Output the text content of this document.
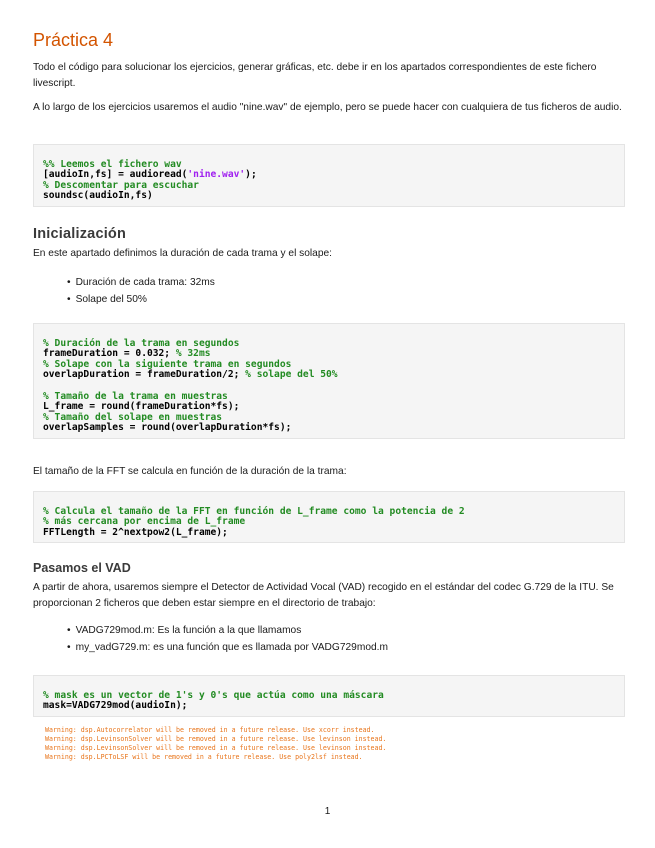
Práctica 4

Todo el código para solucionar los ejercicios, generar gráficas, etc. debe ir en los apartados correspondientes de este fichero livescript.

A lo largo de los ejercicios usaremos el audio "nine.wav" de ejemplo, pero se puede hacer con cualquiera de tus ficheros de audio.

%% Leemos el fichero wav
[audioIn,fs] = audioread('nine.wav');
% Descomentar para escuchar
soundsc(audioIn,fs)
Inicialización

En este apartado definimos la duración de cada trama y el solape:

• Duración de cada trama: 32ms
• Solape del 50%

% Duración de la trama en segundos
frameDuration = 0.032; % 32ms
% Solape con la siguiente trama en segundos
overlapDuration = frameDuration/2; % solape del 50%
% Tamaño de la trama en muestras
L_frame = round(frameDuration*fs);
% Tamaño del solape en muestras
overlapSamples = round(overlapDuration*fs);

El tamaño de la FFT se calcula en función de la duración de la trama:

% Calcula el tamaño de la FFT en función de L_frame como la potencia de 2
% más cercana por encima de L_frame
FFTLength = 2^nextpow2(L_frame);
Pasamos el VAD

A partir de ahora, usaremos siempre el Detector de Actividad Vocal (VAD) recogido en el estándar del codec G.729 de la ITU. Se proporcionan 2 ficheros que deben estar siempre en el directorio de trabajo:

• VADG729mod.m: Es la función a la que llamamos
• my_vadG729.m: es una función que es llamada por VADG729mod.m

% mask es un vector de 1's y 0's que actúa como una máscara
mask=VADG729mod(audioIn);

Warning: dsp.Autocorrelator will be removed in a future release. Use xcorr instead.
Warning: dsp.LevinsonSolver will be removed in a future release. Use levinson instead.
Warning: dsp.LevinsonSolver will be removed in a future release. Use levinson instead.
Warning: dsp.LPCToLSF will be removed in a future release. Use poly2lsf instead.
1
